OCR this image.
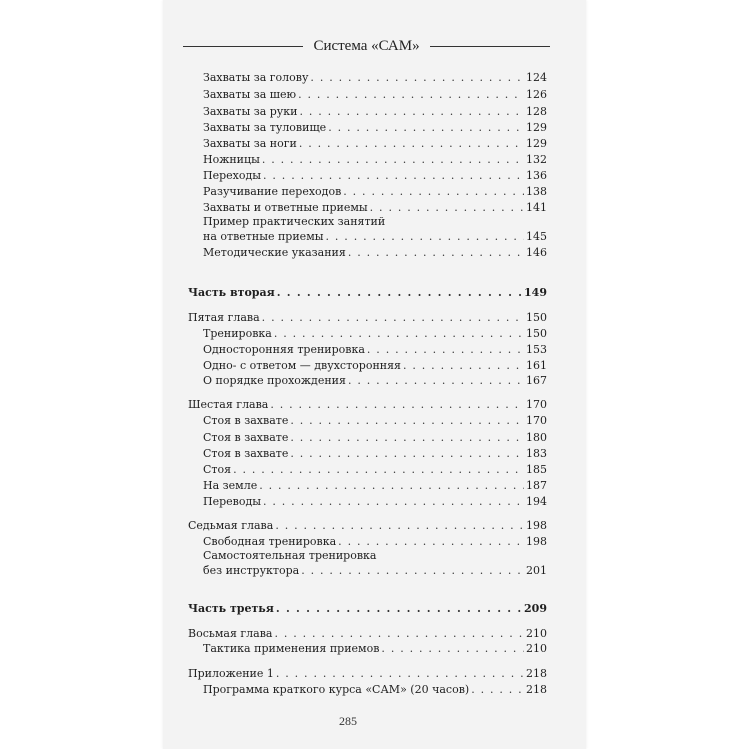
Система «САМ»
Захваты за голову . . .	124
Захваты за шею . . .	126
Захваты за руки . . .	128
Захваты за туловище . . .	129
Захваты за ноги . . .	129
Ножницы . . .	132
Переходы . . .	136
Разучивание переходов . . .	138
Захваты и ответные приемы . . .	141
Пример практических занятий
на ответные приемы . . .	145
Методические указания . . .	146
Часть вторая . . .	149
Пятая глава . . .	150
Тренировка . . .	150
Односторонняя тренировка . . .	153
Одно- с ответом — двухсторонняя . . .	161
О порядке прохождения . . .	167
Шестая глава . . .	170
Стоя в захвате . . .	170
Стоя в захвате . . .	180
Стоя в захвате . . .	183
Стоя . . .	185
На земле . . .	187
Переводы . . .	194
Седьмая глава . . .	198
Свободная тренировка . . .	198
Самостоятельная тренировка
без инструктора . . .	201
Часть третья . . .	209
Восьмая глава . . .	210
Тактика применения приемов . . .	210
Приложение 1 . . .	218
Программа краткого курса «САМ» (20 часов) . . .	218
285
